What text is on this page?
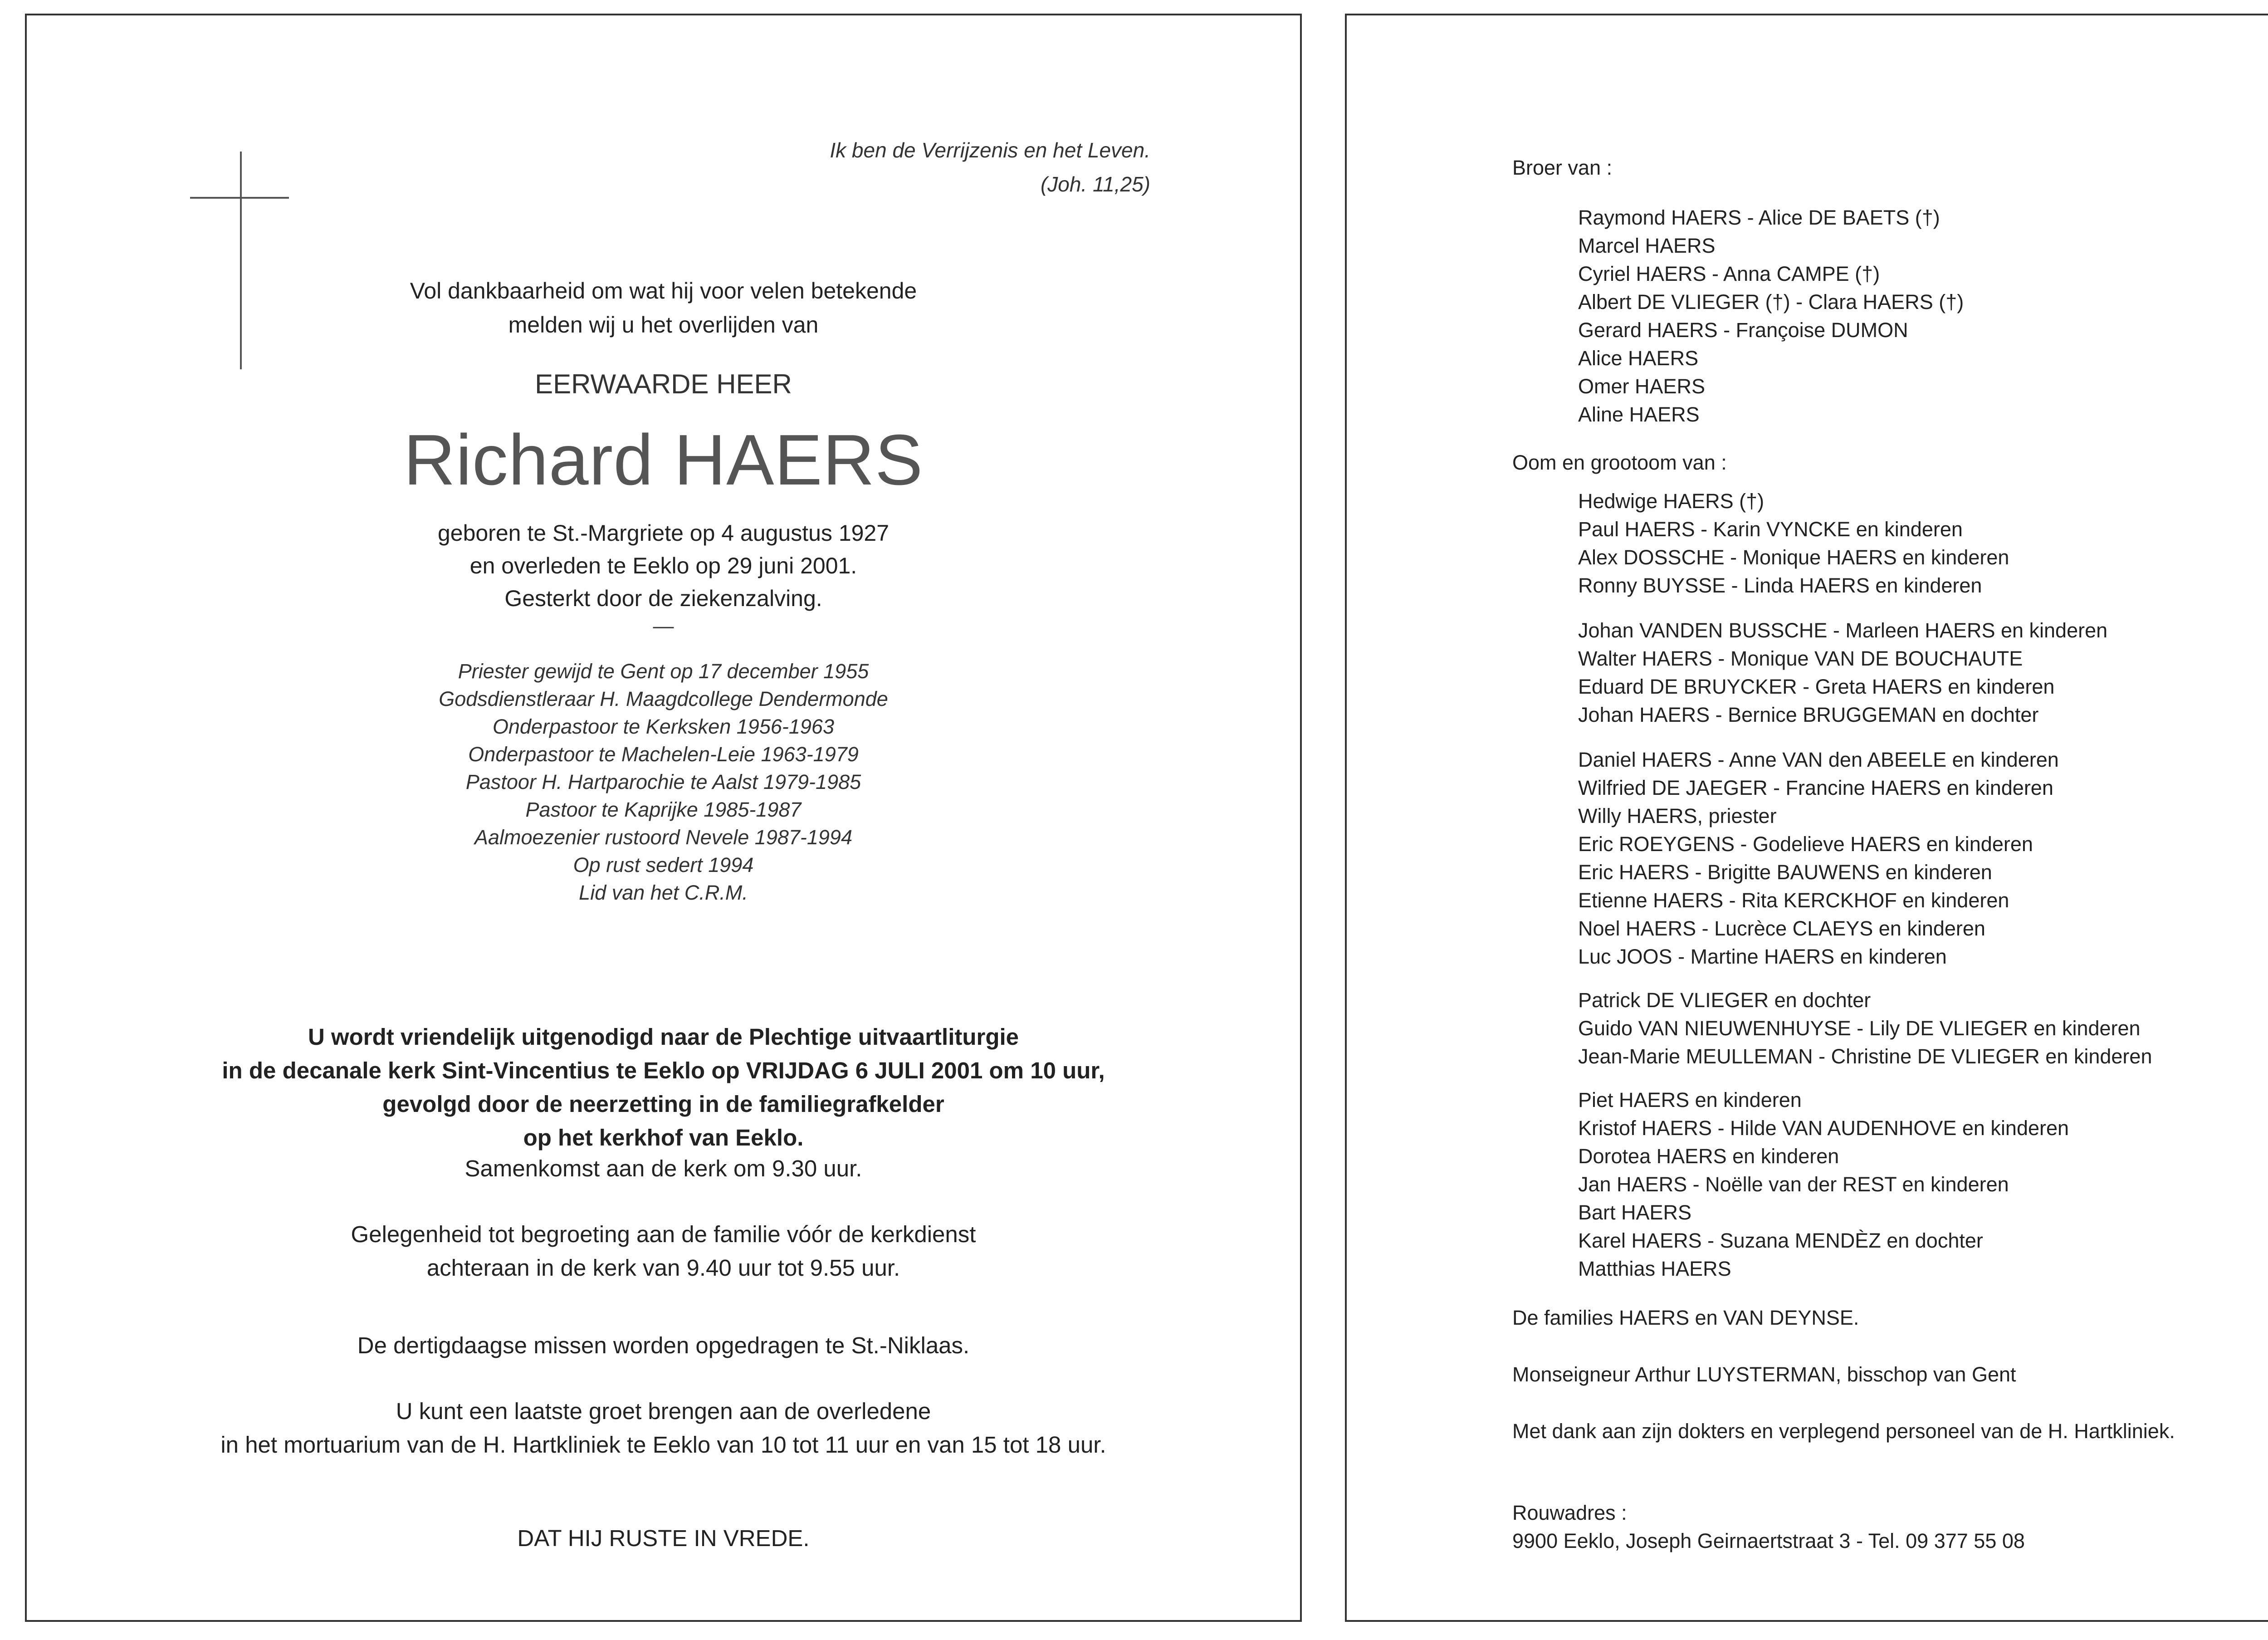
Ik ben de Verrijzenis en het Leven.
(Joh. 11,25)
Vol dankbaarheid om wat hij voor velen betekende
melden wij u het overlijden van
EERWAARDE HEER
Richard HAERS
geboren te St.-Margriete op 4 augustus 1927
en overleden te Eeklo op 29 juni 2001.
Gesterkt door de ziekenzalving.
—
Priester gewijd te Gent op 17 december 1955
Godsdienstleraar H. Maagdcollege Dendermonde
Onderpastoor te Kerksken 1956-1963
Onderpastoor te Machelen-Leie 1963-1979
Pastoor H. Hartparochie te Aalst 1979-1985
Pastoor te Kaprijke 1985-1987
Aalmoezenier rustoord Nevele 1987-1994
Op rust sedert 1994
Lid van het C.R.M.
U wordt vriendelijk uitgenodigd naar de Plechtige uitvaartliturgie
in de decanale kerk Sint-Vincentius te Eeklo op VRIJDAG 6 JULI 2001 om 10 uur,
gevolgd door de neerzetting in de familiegrafkelder
op het kerkhof van Eeklo.
Samenkomst aan de kerk om 9.30 uur.
Gelegenheid tot begroeting aan de familie vóór de kerkdienst
achteraan in de kerk van 9.40 uur tot 9.55 uur.
De dertigdaagse missen worden opgedragen te St.-Niklaas.
U kunt een laatste groet brengen aan de overledene
in het mortuarium van de H. Hartkliniek te Eeklo van 10 tot 11 uur en van 15 tot 18 uur.
DAT HIJ RUSTE IN VREDE.
Broer van :
Raymond HAERS - Alice DE BAETS (†)
Marcel HAERS
Cyriel HAERS - Anna CAMPE (†)
Albert DE VLIEGER (†) - Clara HAERS (†)
Gerard HAERS - Françoise DUMON
Alice HAERS
Omer HAERS
Aline HAERS
Oom en grootoom van :
Hedwige HAERS (†)
Paul HAERS - Karin VYNCKE en kinderen
Alex DOSSCHE - Monique HAERS en kinderen
Ronny BUYSSE - Linda HAERS en kinderen
Johan VANDEN BUSSCHE - Marleen HAERS en kinderen
Walter HAERS - Monique VAN DE BOUCHAUTE
Eduard DE BRUYCKER - Greta HAERS en kinderen
Johan HAERS - Bernice BRUGGEMAN en dochter
Daniel HAERS - Anne VAN den ABEELE en kinderen
Wilfried DE JAEGER - Francine HAERS en kinderen
Willy HAERS, priester
Eric ROEYGENS - Godelieve HAERS en kinderen
Eric HAERS - Brigitte BAUWENS en kinderen
Etienne HAERS - Rita KERCKHOF en kinderen
Noel HAERS - Lucrèce CLAEYS en kinderen
Luc JOOS - Martine HAERS en kinderen
Patrick DE VLIEGER en dochter
Guido VAN NIEUWENHUYSE - Lily DE VLIEGER en kinderen
Jean-Marie MEULLEMAN - Christine DE VLIEGER en kinderen
Piet HAERS en kinderen
Kristof HAERS - Hilde VAN AUDENHOVE en kinderen
Dorotea HAERS en kinderen
Jan HAERS - Noëlle van der REST en kinderen
Bart HAERS
Karel HAERS - Suzana MENDÈZ en dochter
Matthias HAERS
De families HAERS en VAN DEYNSE.
Monseigneur Arthur LUYSTERMAN, bisschop van Gent
Met dank aan zijn dokters en verplegend personeel van de H. Hartkliniek.
Rouwadres :
9900 Eeklo, Joseph Geirnaertstraat 3 - Tel. 09 377 55 08
